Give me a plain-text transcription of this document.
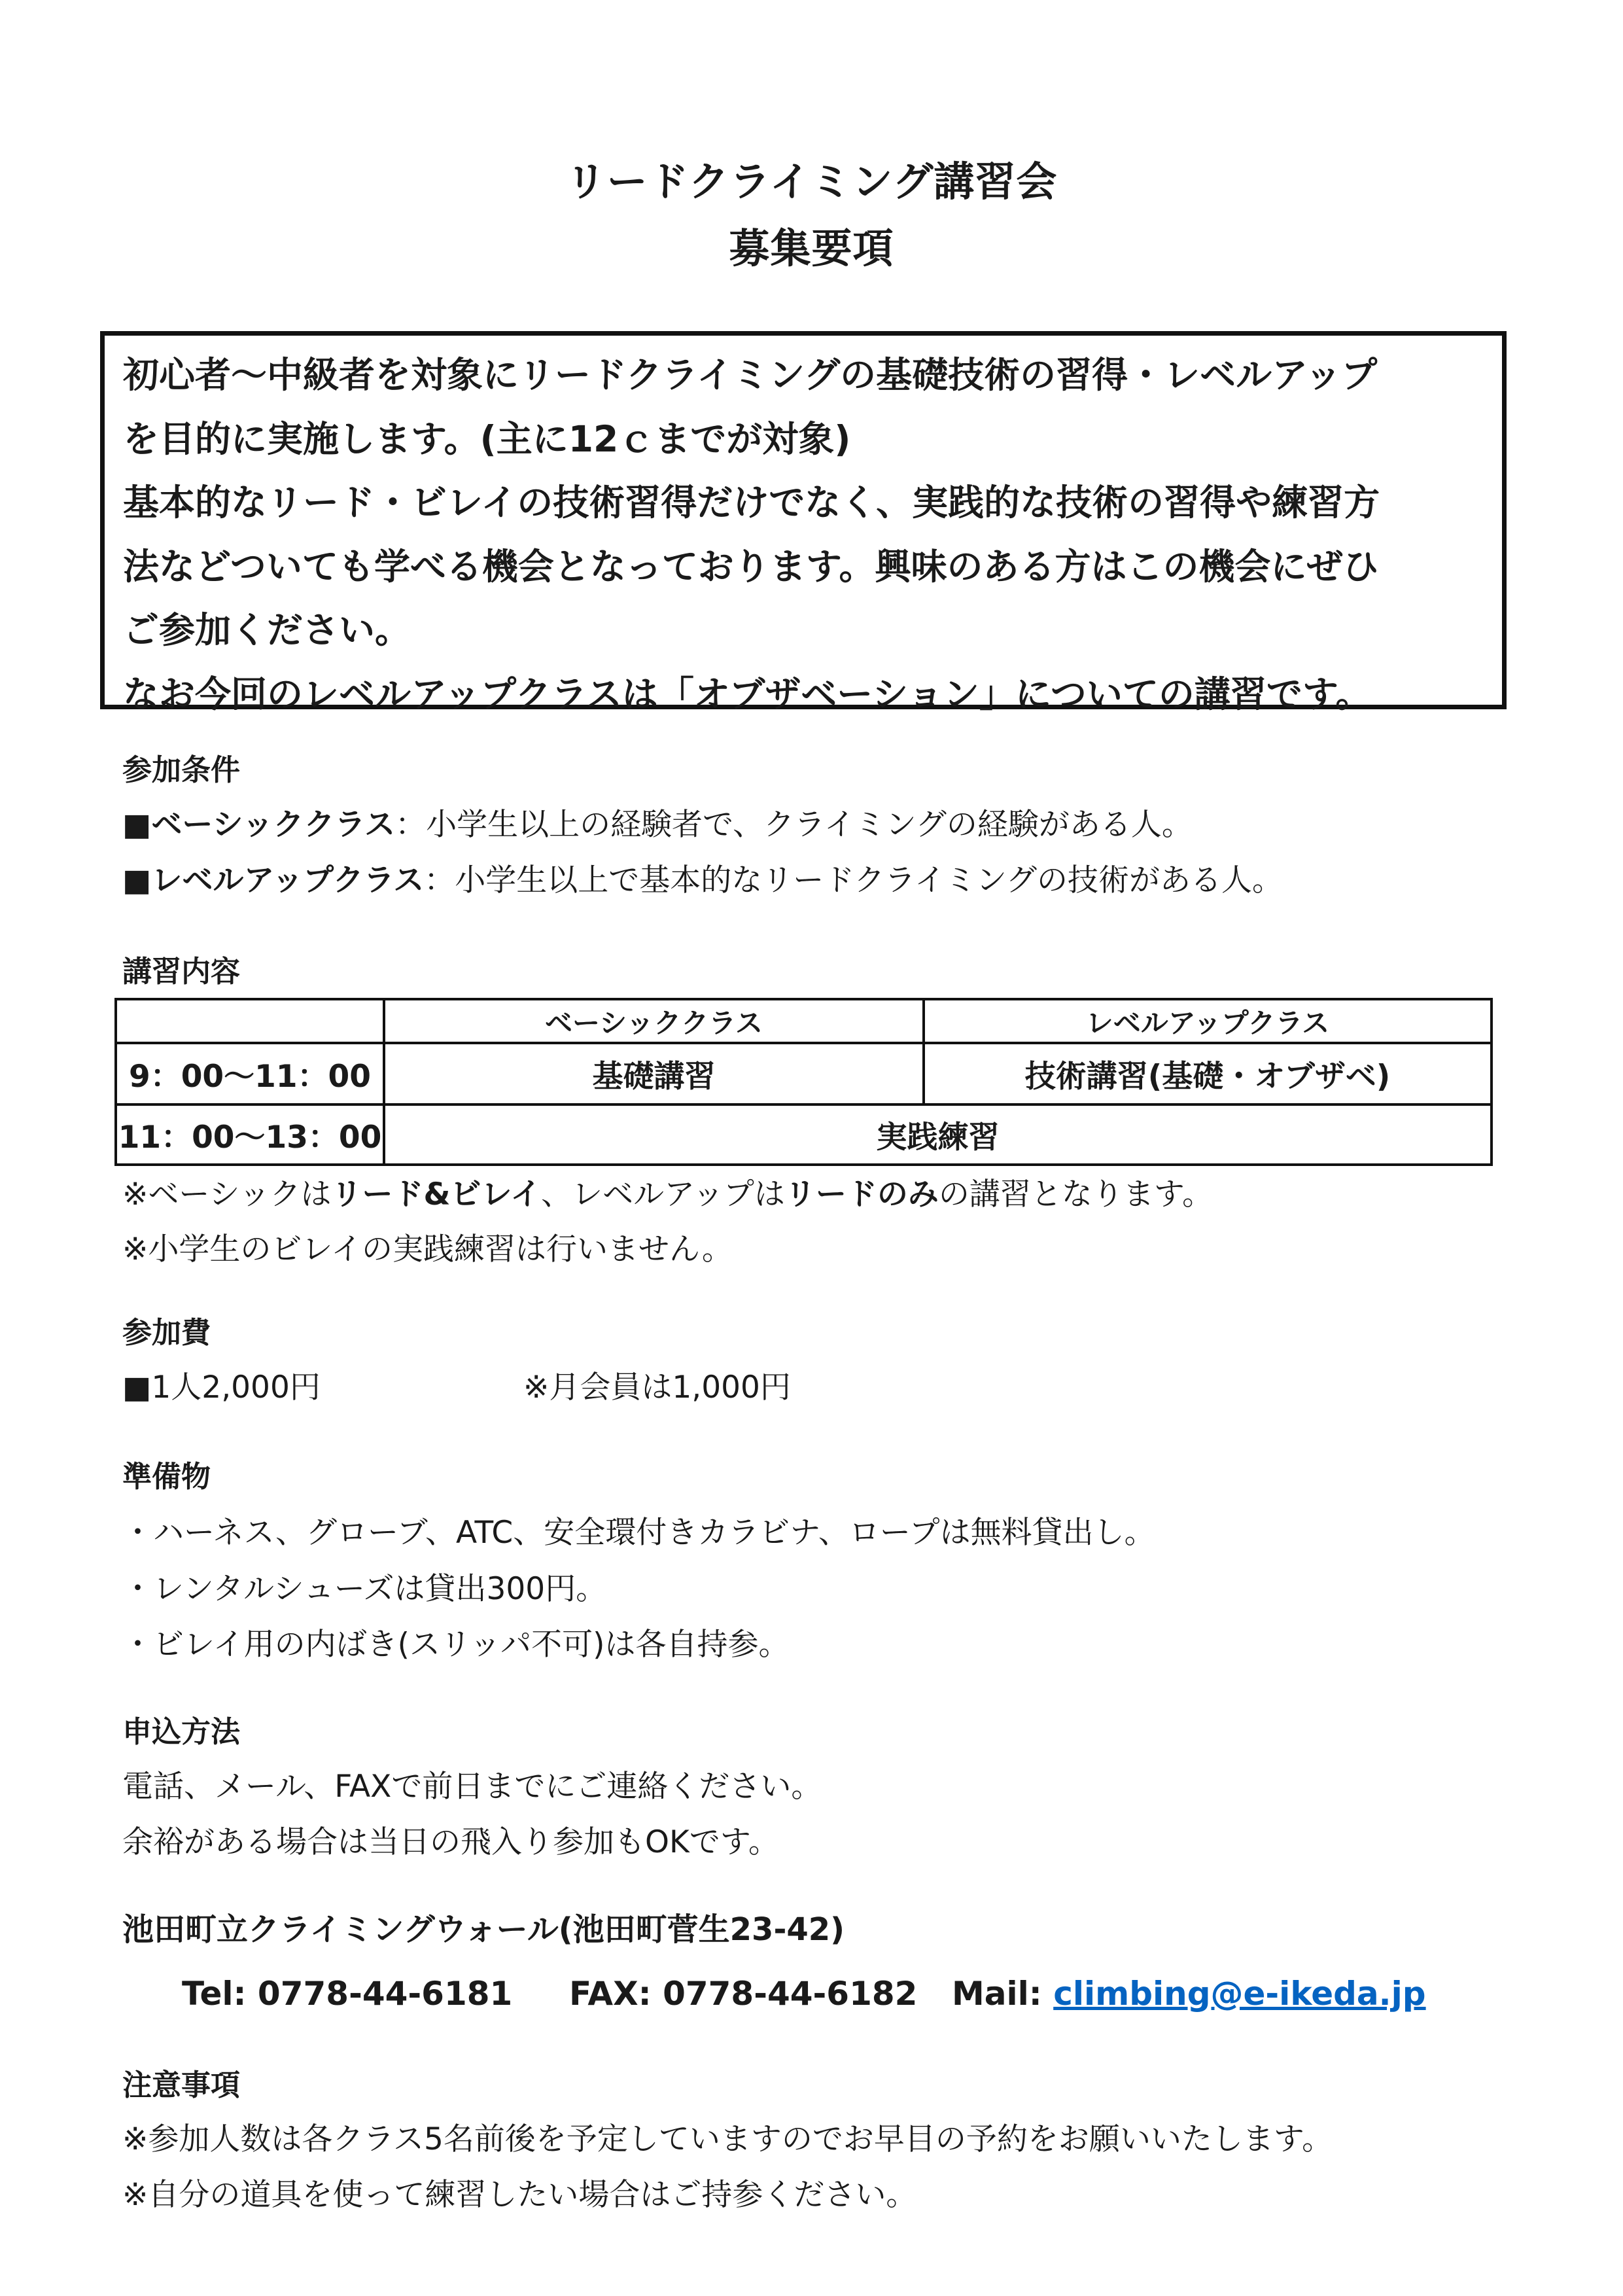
リードクライミング講習会
募集要項
初心者～中級者を対象にリードクライミングの基礎技術の習得・レベルアップ
を目的に実施します。(主に12ｃまでが対象)
基本的なリード・ビレイの技術習得だけでなく、実践的な技術の習得や練習方
法などついても学べる機会となっております。興味のある方はこの機会にぜひ
ご参加ください。
なお今回のレベルアップクラスは「オブザベーション」についての講習です。
参加条件
■ベーシッククラス：小学生以上の経験者で、クライミングの経験がある人。
■レベルアップクラス：小学生以上で基本的なリードクライミングの技術がある人。
講習内容
	ベーシッククラス	レベルアップクラス
9：00～11：00	基礎講習	技術講習(基礎・オブザベ)
11：00～13：00	実践練習	
※ベーシックはリード&ビレイ、レベルアップはリードのみの講習となります。
※小学生のビレイの実践練習は行いません。
参加費
■1人2,000円	※月会員は1,000円
準備物
・ハーネス、グローブ、ATC、安全環付きカラビナ、ロープは無料貸出し。
・レンタルシューズは貸出300円。
・ビレイ用の内ばき(スリッパ不可)は各自持参。
申込方法
電話、メール、FAXで前日までにご連絡ください。
余裕がある場合は当日の飛入り参加もOKです。
池田町立クライミングウォール(池田町菅生23-42)
Tel: 0778-44-6181 FAX: 0778-44-6182 Mail: climbing@e-ikeda.jp
注意事項
※参加人数は各クラス5名前後を予定していますのでお早目の予約をお願いいたします。
※自分の道具を使って練習したい場合はご持参ください。
